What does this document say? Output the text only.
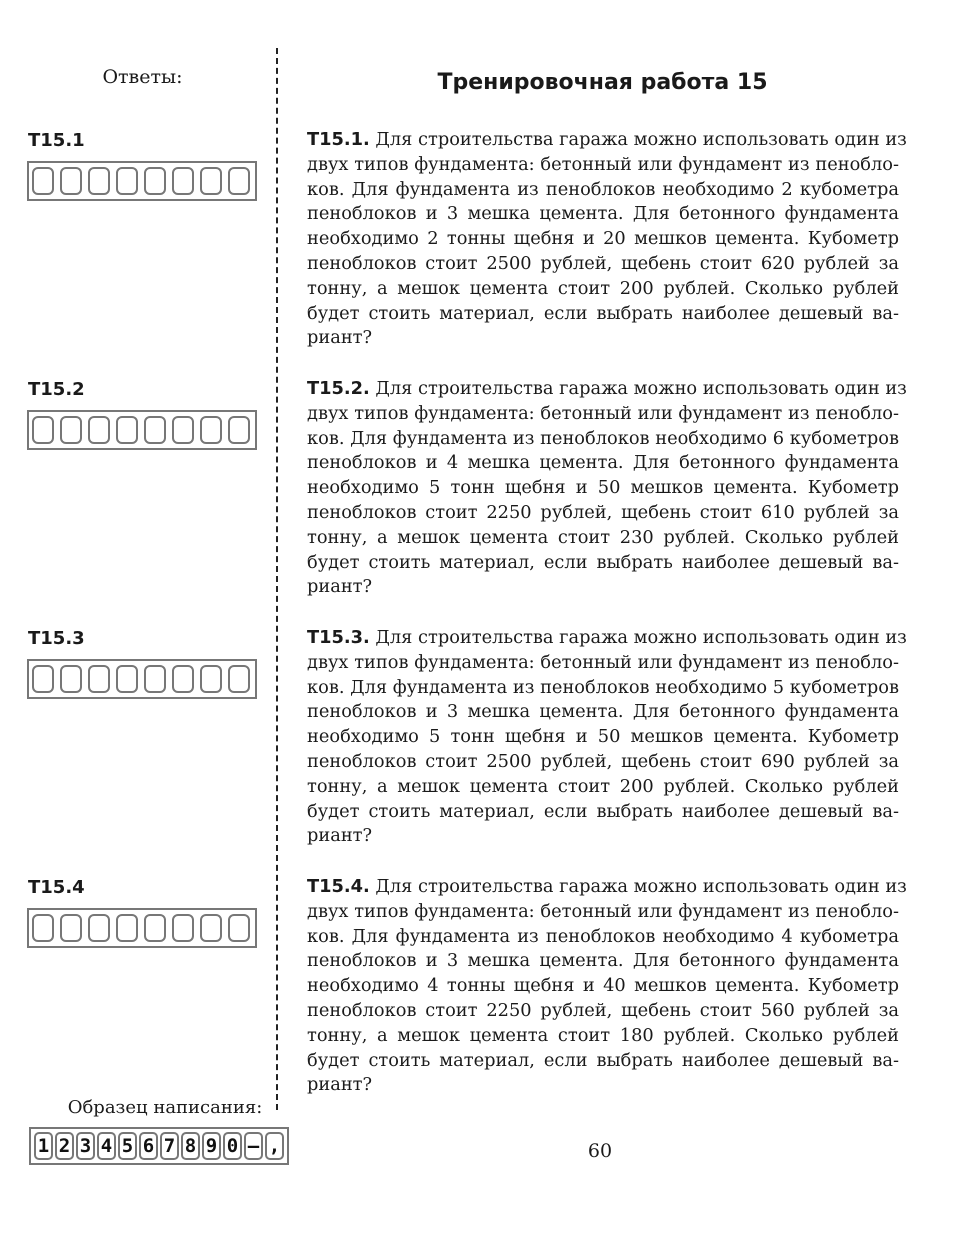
Ответы:	Тренировочная работа 15
T15.1
T15.2
T15.3
T15.4
T15.1. Для строительства гаража можно использовать один из
двух типов фундамента: бетонный или фундамент из пенобло-
ков. Для фундамента из пеноблоков необходимо 2 кубометра
пеноблоков и 3 мешка цемента. Для бетонного фундамента
необходимо 2 тонны щебня и 20 мешков цемента. Кубометр
пеноблоков стоит 2500 рублей, щебень стоит 620 рублей за
тонну, а мешок цемента стоит 200 рублей. Сколько рублей
будет стоить материал, если выбрать наиболее дешевый ва-
риант?
T15.2. Для строительства гаража можно использовать один из
двух типов фундамента: бетонный или фундамент из пенобло-
ков. Для фундамента из пеноблоков необходимо 6 кубометров
пеноблоков и 4 мешка цемента. Для бетонного фундамента
необходимо 5 тонн щебня и 50 мешков цемента. Кубометр
пеноблоков стоит 2250 рублей, щебень стоит 610 рублей за
тонну, а мешок цемента стоит 230 рублей. Сколько рублей
будет стоить материал, если выбрать наиболее дешевый ва-
риант?
T15.3. Для строительства гаража можно использовать один из
двух типов фундамента: бетонный или фундамент из пенобло-
ков. Для фундамента из пеноблоков необходимо 5 кубометров
пеноблоков и 3 мешка цемента. Для бетонного фундамента
необходимо 5 тонн щебня и 50 мешков цемента. Кубометр
пеноблоков стоит 2500 рублей, щебень стоит 690 рублей за
тонну, а мешок цемента стоит 200 рублей. Сколько рублей
будет стоить материал, если выбрать наиболее дешевый ва-
риант?
T15.4. Для строительства гаража можно использовать один из
двух типов фундамента: бетонный или фундамент из пенобло-
ков. Для фундамента из пеноблоков необходимо 4 кубометра
пеноблоков и 3 мешка цемента. Для бетонного фундамента
необходимо 4 тонны щебня и 40 мешков цемента. Кубометр
пеноблоков стоит 2250 рублей, щебень стоит 560 рублей за
тонну, а мешок цемента стоит 180 рублей. Сколько рублей
будет стоить материал, если выбрать наиболее дешевый ва-
риант?
Образец написания:
1 2 3 4 5 6 7 8 9 0 – ,	60
